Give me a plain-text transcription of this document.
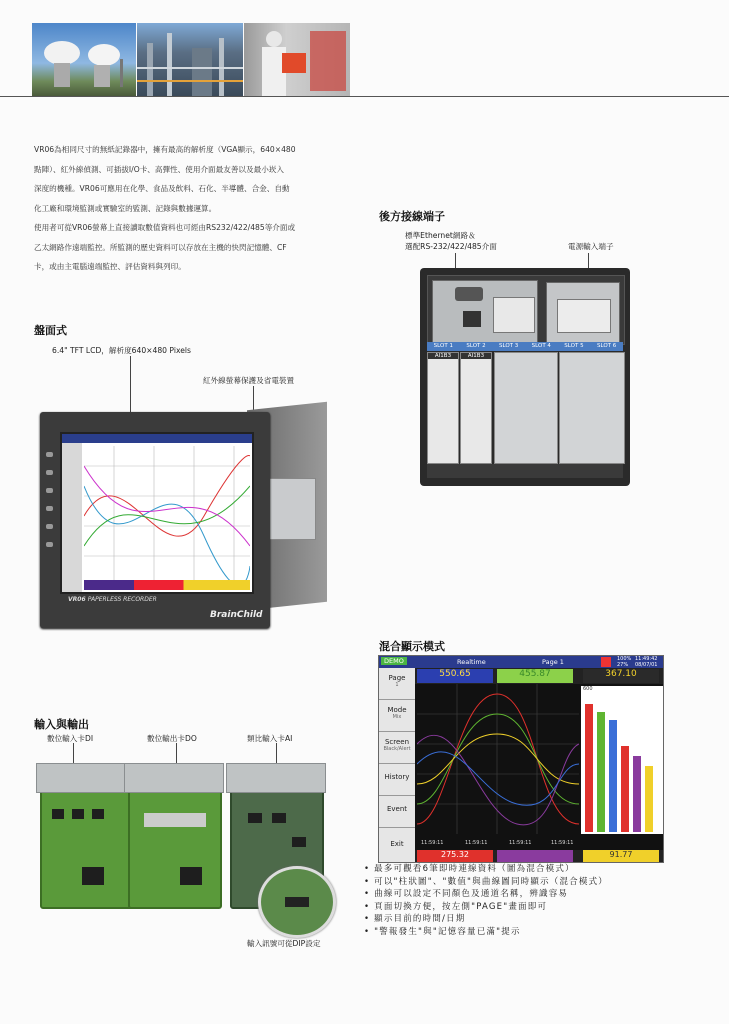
VR06為相同尺寸的無紙記錄器中，擁有最高的解析度（VGA顯示，640×480

點陣）、紅外線偵測、可插拔I/O卡、高彈性、使用介面最友善以及最小崁入

深度的機種。VR06可應用在化學、食品及飲料、石化、半導體、合金、自動

化工廠和環境監測或實驗室的監測、記錄與數據運算。

使用者可從VR06螢幕上直接讀取數值資料也可經由RS232/422/485等介面或

乙太網路作遠端監控。所監測的歷史資料可以存放在主機的快閃記憶體、CF

卡，或由主電腦遠端監控、評估資料與列印。

後方接線端子
標準Ethernet網路＆
選配RS-232/422/485介面	電源輸入端子
SLOT 1 SLOT 2 SLOT 3 SLOT 4 SLOT 5 SLOT 6
AI1B3	AI1B3
盤面式
6.4" TFT LCD，解析度640×480 Pixels
紅外線螢幕保護及省電裝置
VR06 PAPERLESS RECORDER
BrainChild
混合顯示模式
DEMO	Realtime	Page 1	100%
27%
11:49:42
08/07/01
Page
1
Mode
Mix
Screen
Black/Alert
History
Event
Exit
550.65	455.87	367.10
11:59:11	11:59:11	11:59:11	11:59:11
600
275.32	91.77
• 最多可觀看6筆即時連線資料（圖為混合模式）
• 可以"柱狀圖"、"數值"與曲線圖同時顯示（混合模式）
• 曲線可以設定不同顏色及通道名稱，辨識容易
• 頁面切換方便，按左側"PAGE"畫面即可
• 顯示目前的時間/日期
• "警報發生"與"記憶容量已滿"提示
輸入與輸出
數位輸入卡DI	數位輸出卡DO	類比輸入卡AI
輸入訊號可從DIP設定
